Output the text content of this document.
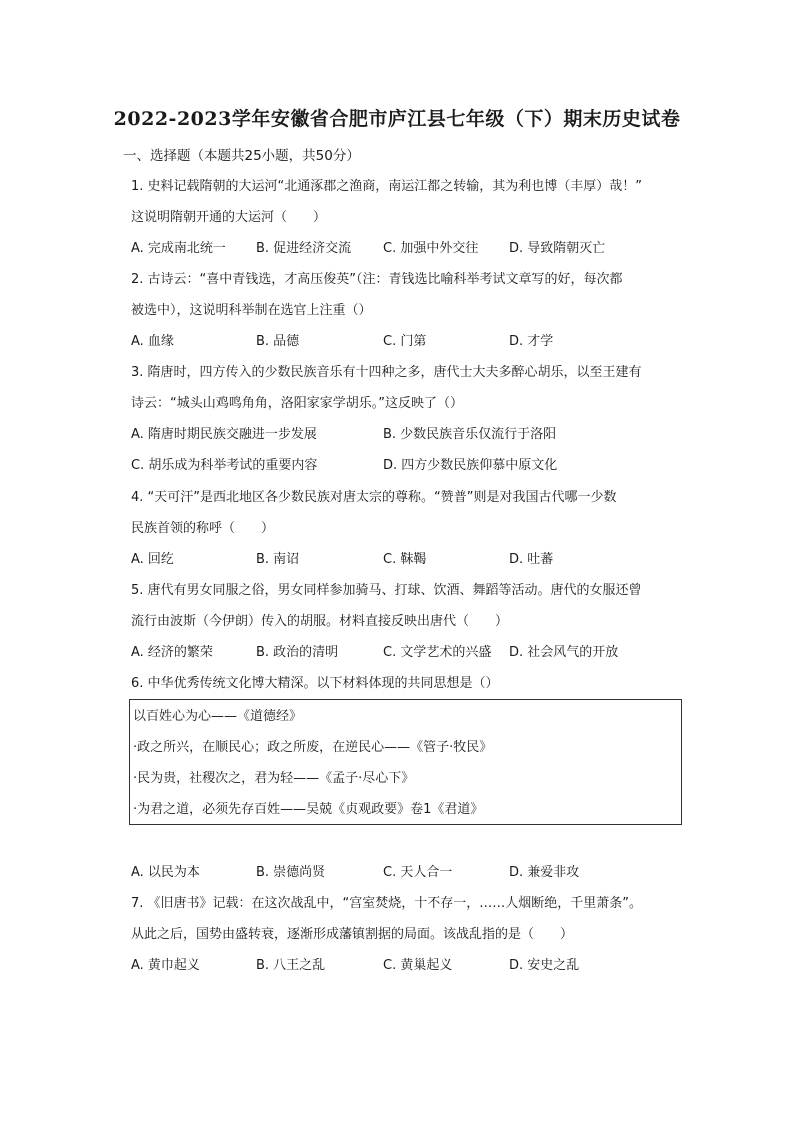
2022-2023学年安徽省合肥市庐江县七年级（下）期末历史试卷
一、选择题（本题共25小题，共50分）
1. 史料记载隋朝的大运河“北通涿郡之渔商，南运江都之转输，其为利也博（丰厚）哉！”
这说明隋朝开通的大运河（　　）
A. 完成南北统一 B. 促进经济交流 C. 加强中外交往 D. 导致隋朝灭亡
2. 古诗云：“喜中青钱选，才高压俊英”（注：青钱选比喻科举考试文章写的好，每次都
被选中），这说明科举制在选官上注重（）
A. 血缘	B. 品德	C. 门第	D. 才学
3. 隋唐时，四方传入的少数民族音乐有十四种之多，唐代士大夫多醉心胡乐，以至王建有
诗云：“城头山鸡鸣角角，洛阳家家学胡乐。”这反映了（）
A. 隋唐时期民族交融进一步发展	B. 少数民族音乐仅流行于洛阳
C. 胡乐成为科举考试的重要内容	D. 四方少数民族仰慕中原文化
4. “天可汗”是西北地区各少数民族对唐太宗的尊称。“赞普”则是对我国古代哪一少数
民族首领的称呼（　　）
A. 回纥	B. 南诏	C. 靺鞨	D. 吐蕃
5. 唐代有男女同服之俗，男女同样参加骑马、打球、饮酒、舞蹈等活动。唐代的女服还曾
流行由波斯（今伊朗）传入的胡服。材料直接反映出唐代（　　）
A. 经济的繁荣	B. 政治的清明	C. 文学艺术的兴盛 D. 社会风气的开放
6. 中华优秀传统文化博大精深。以下材料体现的共同思想是（）
以百姓心为心——《道德经》
·政之所兴，在顺民心；政之所废，在逆民心——《管子·牧民》
·民为贵，社稷次之，君为轻——《孟子·尽心下》
·为君之道，必须先存百姓——吴兢《贞观政要》卷1《君道》
A. 以民为本	B. 崇德尚贤	C. 天人合一	D. 兼爱非攻
7. 《旧唐书》记载：在这次战乱中，“宫室焚烧，十不存一，……人烟断绝，千里萧条”。
从此之后，国势由盛转衰，逐渐形成藩镇割据的局面。该战乱指的是（　　）
A. 黄巾起义	B. 八王之乱	C. 黄巢起义	D. 安史之乱
